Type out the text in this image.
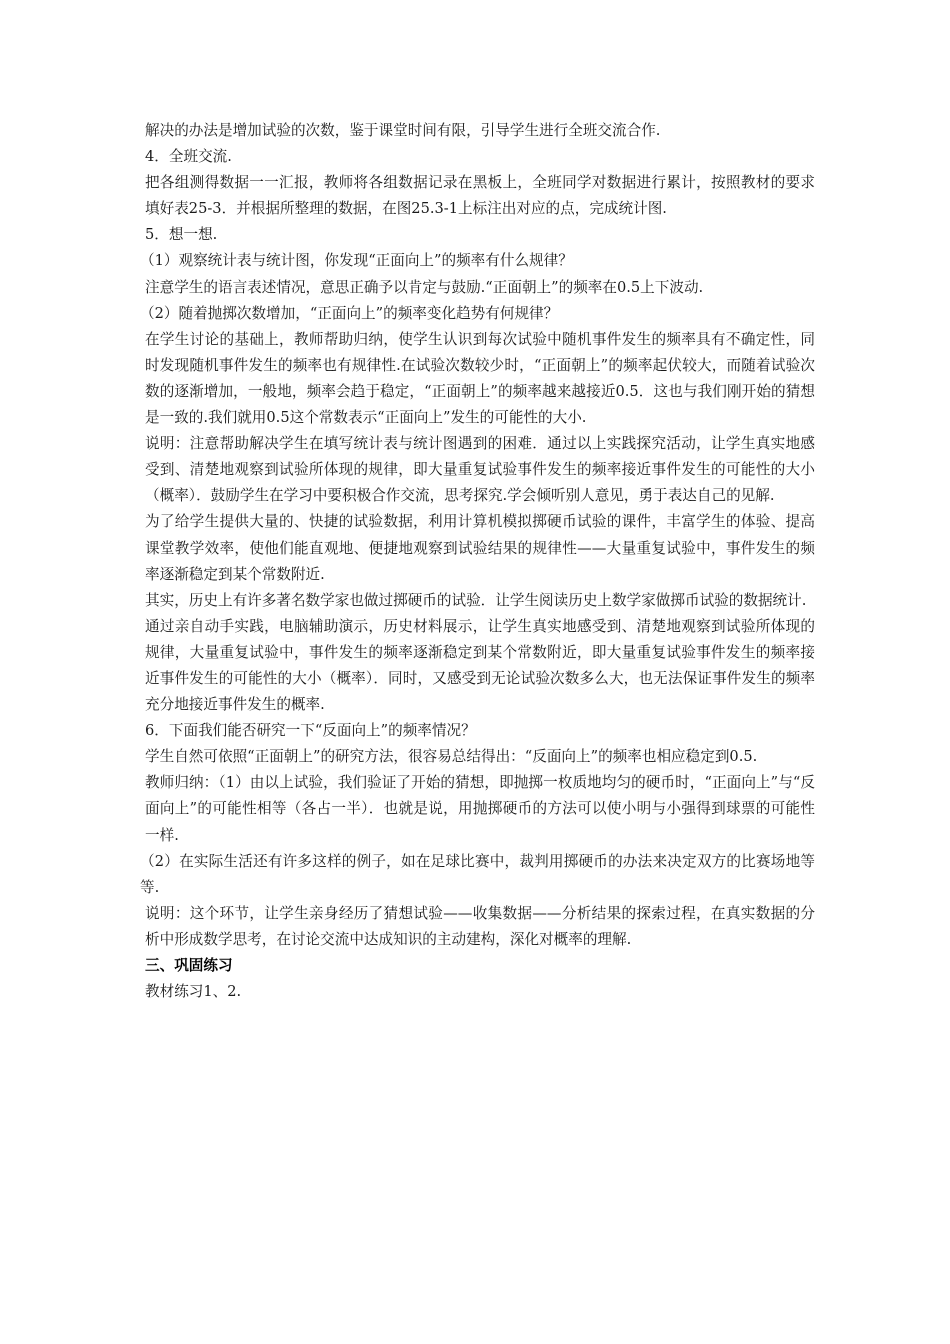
解决的办法是增加试验的次数，鉴于课堂时间有限，引导学生进行全班交流合作.

4．全班交流.

把各组测得数据一一汇报，教师将各组数据记录在黑板上，全班同学对数据进行累计，按照教材的要求填好表25-3．并根据所整理的数据，在图25.3-1上标注出对应的点，完成统计图.

5．想一想.

（1）观察统计表与统计图，你发现“正面向上”的频率有什么规律？

注意学生的语言表述情况，意思正确予以肯定与鼓励.“正面朝上”的频率在0.5上下波动.

（2）随着抛掷次数增加，“正面向上”的频率变化趋势有何规律？

在学生讨论的基础上，教师帮助归纳，使学生认识到每次试验中随机事件发生的频率具有不确定性，同时发现随机事件发生的频率也有规律性.在试验次数较少时，“正面朝上”的频率起伏较大，而随着试验次数的逐渐增加，一般地，频率会趋于稳定，“正面朝上”的频率越来越接近0.5．这也与我们刚开始的猜想是一致的.我们就用0.5这个常数表示“正面向上”发生的可能性的大小.

说明：注意帮助解决学生在填写统计表与统计图遇到的困难．通过以上实践探究活动，让学生真实地感受到、清楚地观察到试验所体现的规律，即大量重复试验事件发生的频率接近事件发生的可能性的大小（概率）．鼓励学生在学习中要积极合作交流，思考探究.学会倾听别人意见，勇于表达自己的见解.

为了给学生提供大量的、快捷的试验数据，利用计算机模拟掷硬币试验的课件，丰富学生的体验、提高课堂教学效率，使他们能直观地、便捷地观察到试验结果的规律性——大量重复试验中，事件发生的频率逐渐稳定到某个常数附近.

其实，历史上有许多著名数学家也做过掷硬币的试验．让学生阅读历史上数学家做掷币试验的数据统计.

通过亲自动手实践，电脑辅助演示，历史材料展示，让学生真实地感受到、清楚地观察到试验所体现的规律，大量重复试验中，事件发生的频率逐渐稳定到某个常数附近，即大量重复试验事件发生的频率接近事件发生的可能性的大小（概率）．同时，又感受到无论试验次数多么大，也无法保证事件发生的频率充分地接近事件发生的概率.

6．下面我们能否研究一下“反面向上”的频率情况？

学生自然可依照“正面朝上”的研究方法，很容易总结得出：“反面向上”的频率也相应稳定到0.5.

教师归纳：（1）由以上试验，我们验证了开始的猜想，即抛掷一枚质地均匀的硬币时，“正面向上”与“反面向上”的可能性相等（各占一半）．也就是说，用抛掷硬币的方法可以使小明与小强得到球票的可能性一样.

（2）在实际生活还有许多这样的例子，如在足球比赛中，裁判用掷硬币的办法来决定双方的比赛场地等等.

说明：这个环节，让学生亲身经历了猜想试验——收集数据——分析结果的探索过程，在真实数据的分析中形成数学思考，在讨论交流中达成知识的主动建构，深化对概率的理解.

三、巩固练习

教材练习1、2.
